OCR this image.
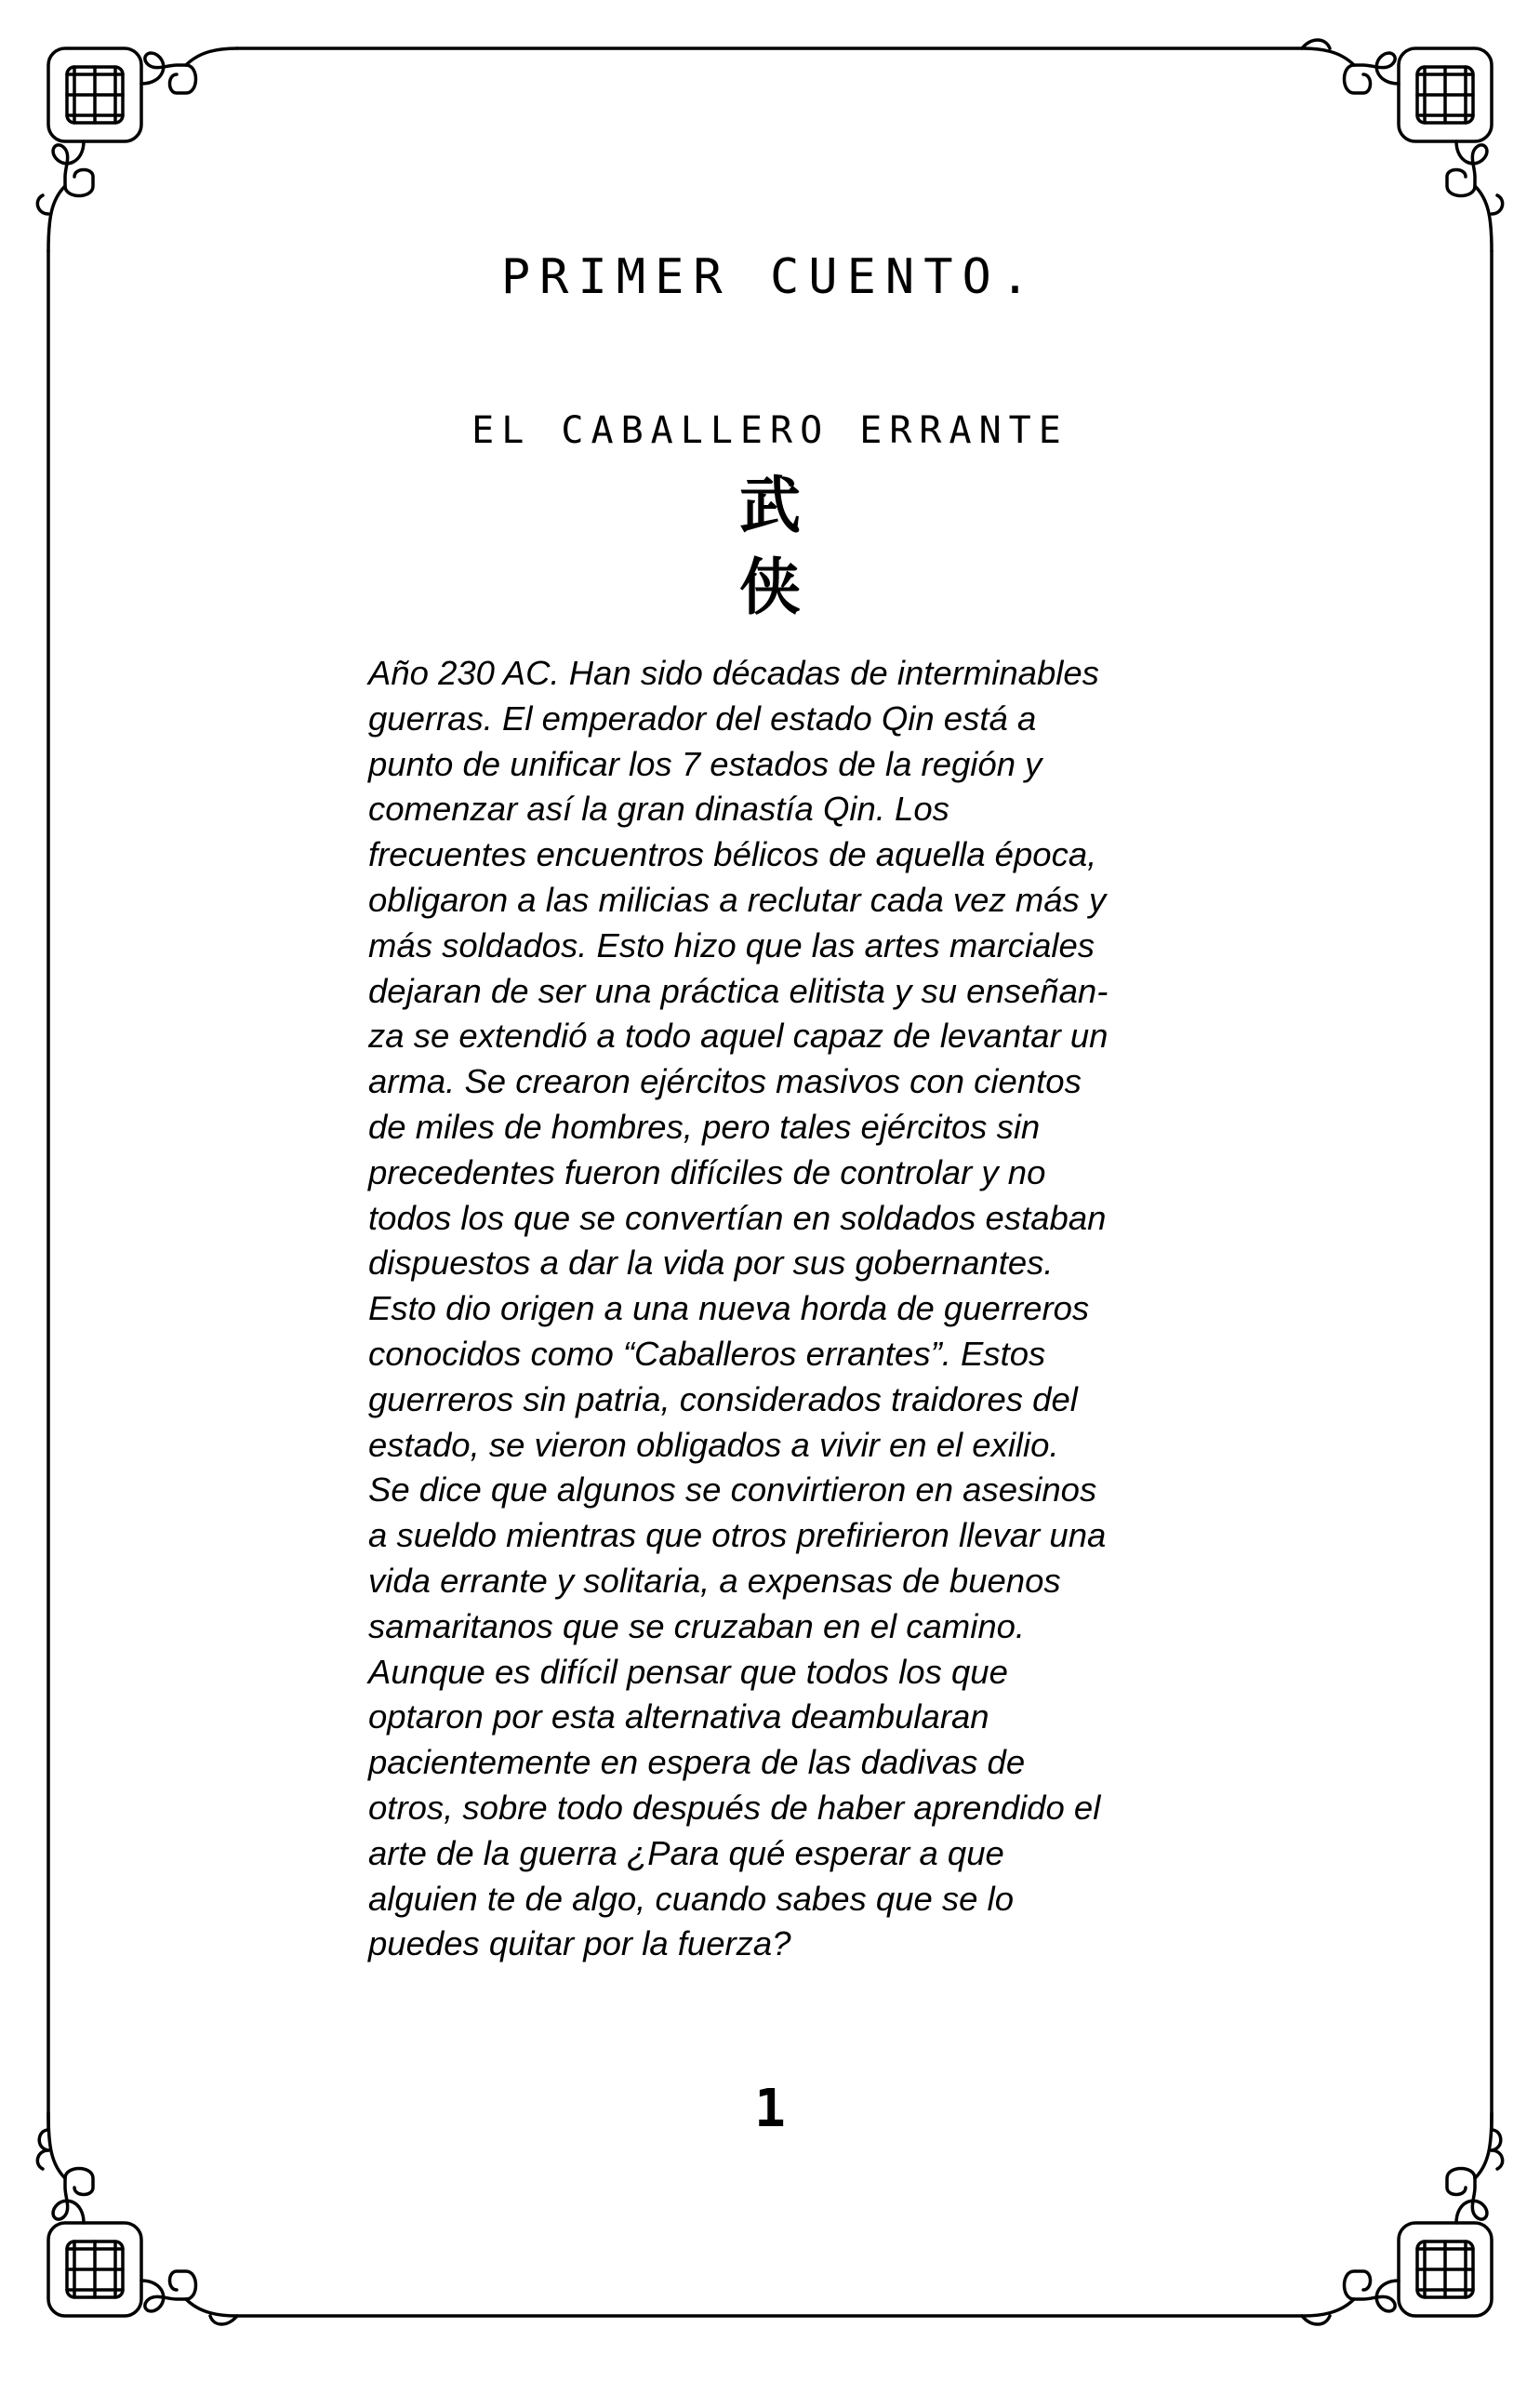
PRIMER CUENTO.
EL CABALLERO ERRANTE
武
侠
Año 230 AC. Han sido décadas de interminables
guerras. El emperador del estado Qin está a
punto de unificar los 7 estados de la región y
comenzar así la gran dinastía Qin. Los
frecuentes encuentros bélicos de aquella época,
obligaron a las milicias a reclutar cada vez más y
más soldados. Esto hizo que las artes marciales
dejaran de ser una práctica elitista y su enseñan-
za se extendió a todo aquel capaz de levantar un
arma. Se crearon ejércitos masivos con cientos
de miles de hombres, pero tales ejércitos sin
precedentes fueron difíciles de controlar y no
todos los que se convertían en soldados estaban
dispuestos a dar la vida por sus gobernantes.
Esto dio origen a una nueva horda de guerreros
conocidos como “Caballeros errantes”. Estos
guerreros sin patria, considerados traidores del
estado, se vieron obligados a vivir en el exilio.
Se dice que algunos se convirtieron en asesinos
a sueldo mientras que otros prefirieron llevar una
vida errante y solitaria, a expensas de buenos
samaritanos que se cruzaban en el camino.
Aunque es difícil pensar que todos los que
optaron por esta alternativa deambularan
pacientemente en espera de las dadivas de
otros, sobre todo después de haber aprendido el
arte de la guerra ¿Para qué esperar a que
alguien te de algo, cuando sabes que se lo
puedes quitar por la fuerza?
1
